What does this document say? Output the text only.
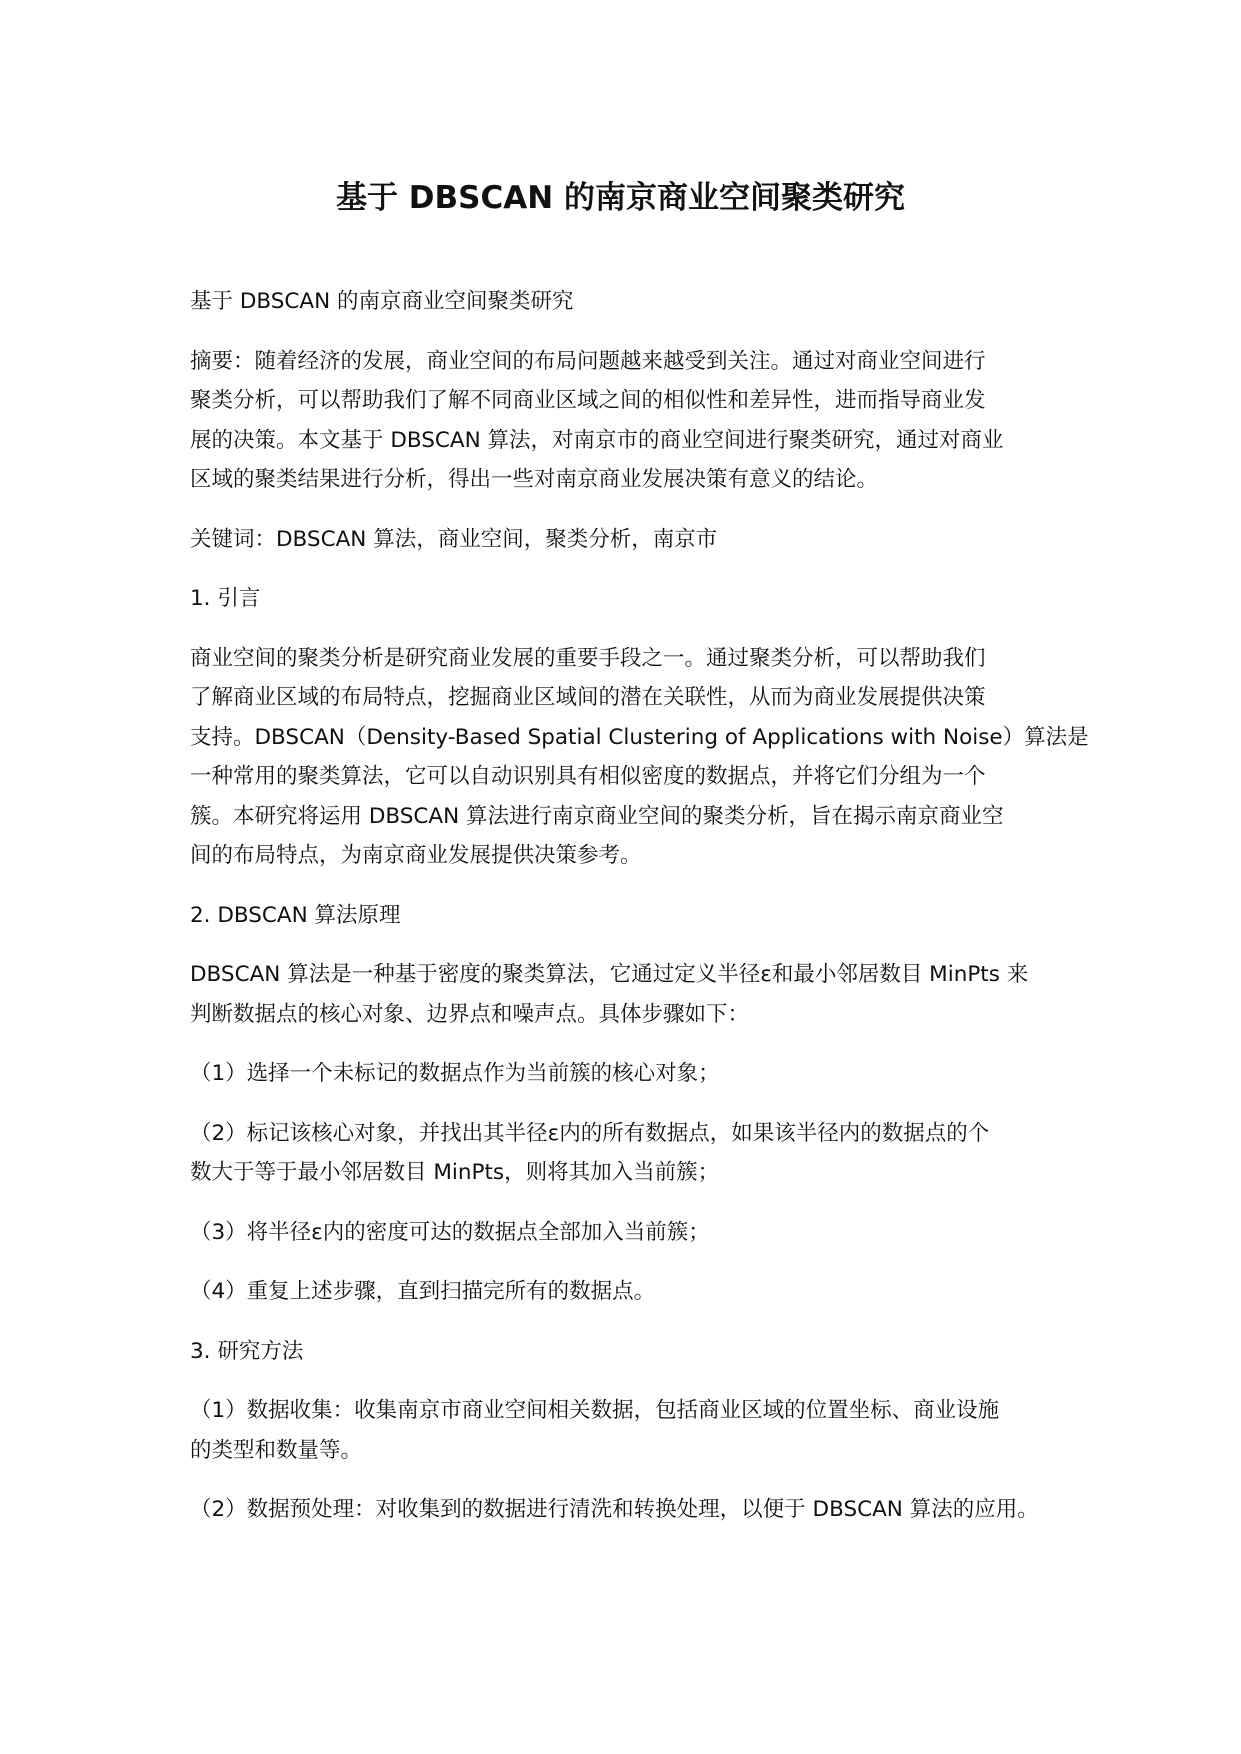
基于 DBSCAN 的南京商业空间聚类研究

基于 DBSCAN 的南京商业空间聚类研究

摘要：随着经济的发展，商业空间的布局问题越来越受到关注。通过对商业空间进行
聚类分析，可以帮助我们了解不同商业区域之间的相似性和差异性，进而指导商业发
展的决策。本文基于 DBSCAN 算法，对南京市的商业空间进行聚类研究，通过对商业
区域的聚类结果进行分析，得出一些对南京商业发展决策有意义的结论。

关键词：DBSCAN 算法，商业空间，聚类分析，南京市

1. 引言

商业空间的聚类分析是研究商业发展的重要手段之一。通过聚类分析，可以帮助我们
了解商业区域的布局特点，挖掘商业区域间的潜在关联性，从而为商业发展提供决策
支持。DBSCAN（Density-Based Spatial Clustering of Applications with Noise）算法是
一种常用的聚类算法，它可以自动识别具有相似密度的数据点，并将它们分组为一个
簇。本研究将运用 DBSCAN 算法进行南京商业空间的聚类分析，旨在揭示南京商业空
间的布局特点，为南京商业发展提供决策参考。

2. DBSCAN 算法原理

DBSCAN 算法是一种基于密度的聚类算法，它通过定义半径ε和最小邻居数目 MinPts 来
判断数据点的核心对象、边界点和噪声点。具体步骤如下：

（1）选择一个未标记的数据点作为当前簇的核心对象；

（2）标记该核心对象，并找出其半径ε内的所有数据点，如果该半径内的数据点的个
数大于等于最小邻居数目 MinPts，则将其加入当前簇；

（3）将半径ε内的密度可达的数据点全部加入当前簇；

（4）重复上述步骤，直到扫描完所有的数据点。

3. 研究方法

（1）数据收集：收集南京市商业空间相关数据，包括商业区域的位置坐标、商业设施
的类型和数量等。

（2）数据预处理：对收集到的数据进行清洗和转换处理，以便于 DBSCAN 算法的应用。
